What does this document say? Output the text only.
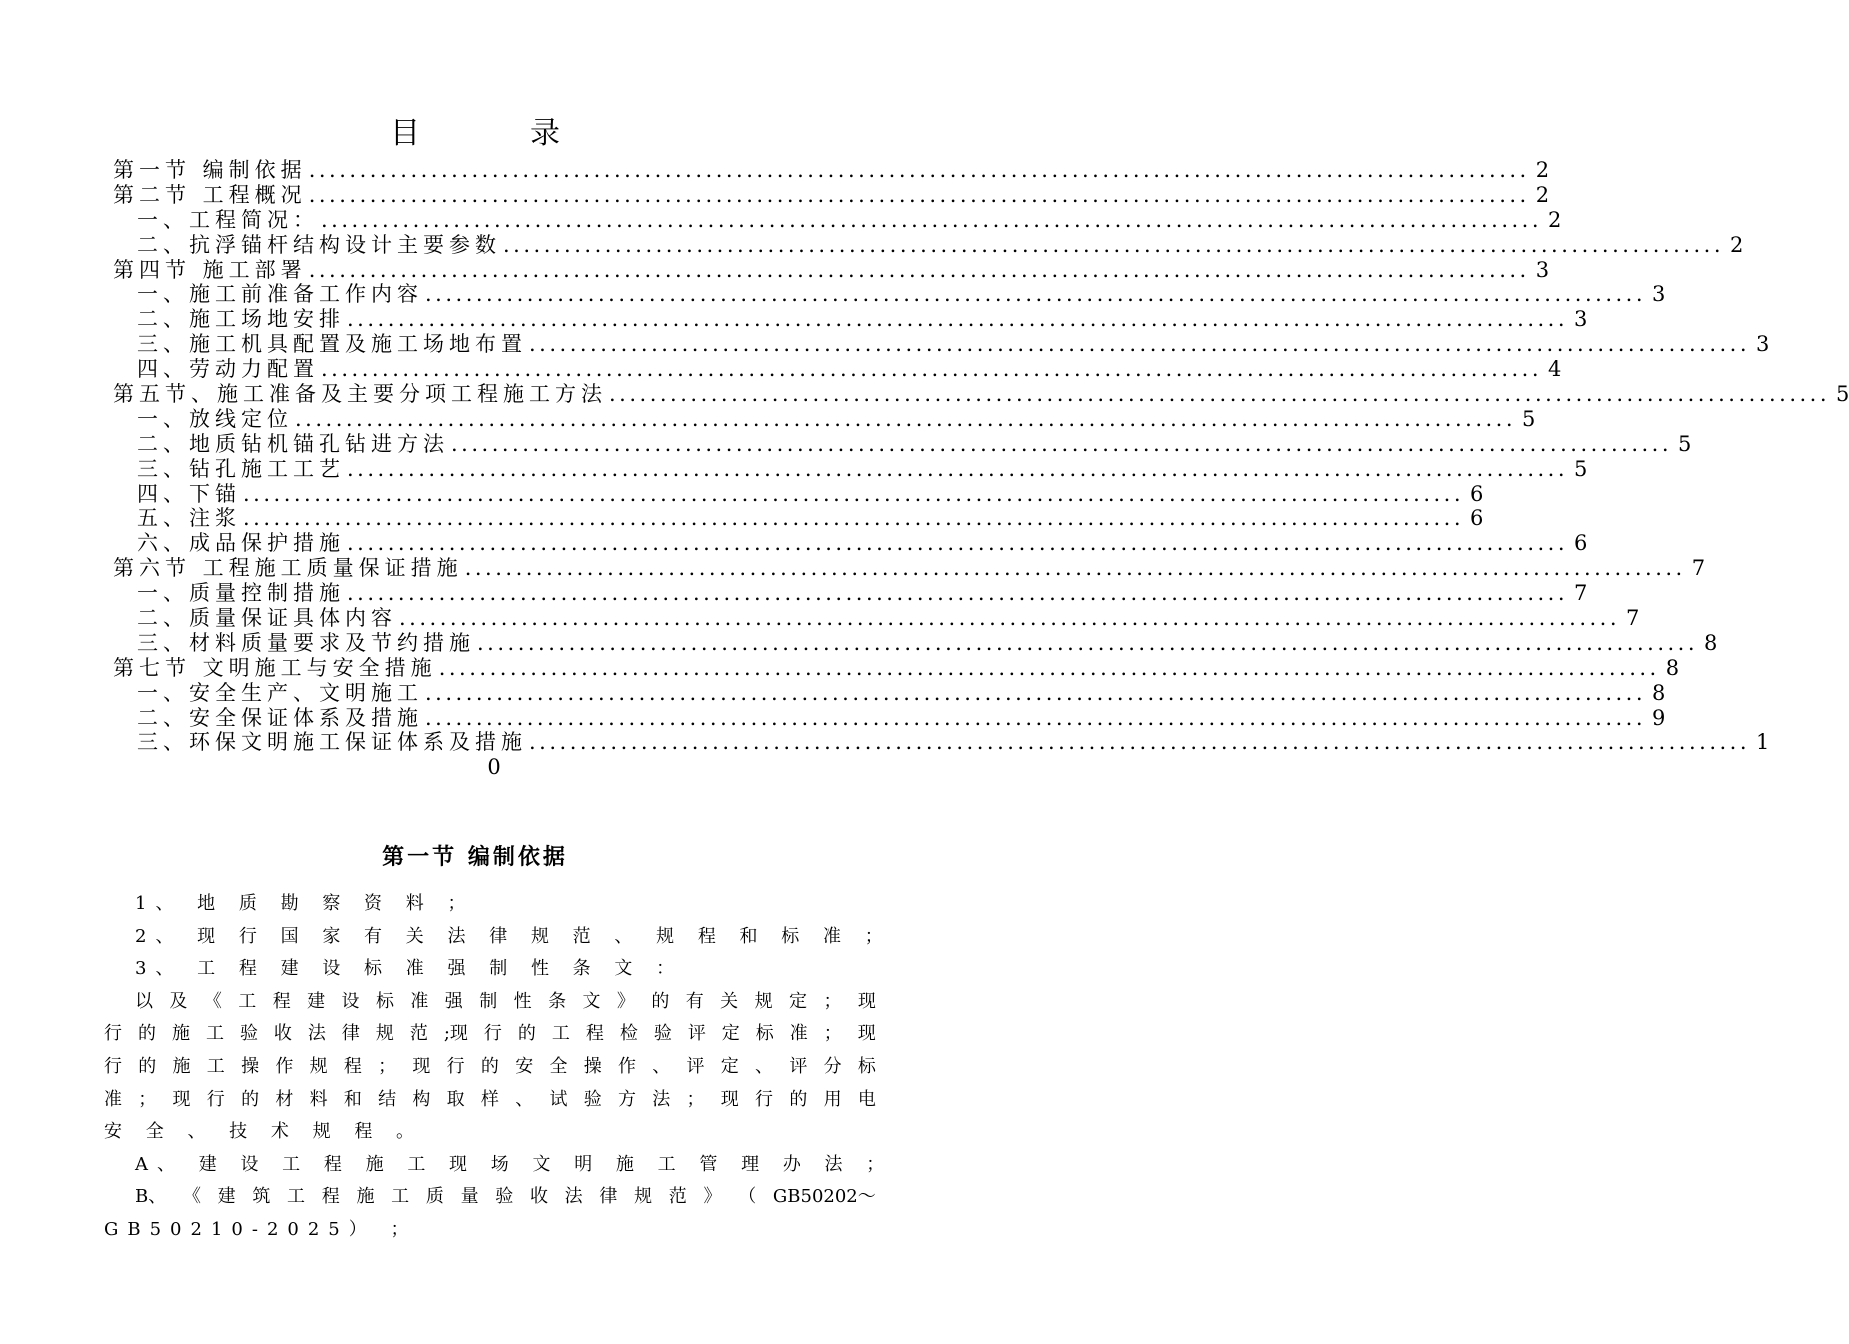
目录
第一节 编制依据 ........................................................................................................................ 2
第二节 工程概况 ........................................................................................................................ 2
一、工程简况： ........................................................................................................................ 2
二、抗浮锚杆结构设计主要参数 ........................................................................................................................ 2
第四节 施工部署 ........................................................................................................................ 3
一、施工前准备工作内容 ........................................................................................................................ 3
二、施工场地安排 ........................................................................................................................ 3
三、施工机具配置及施工场地布置 ........................................................................................................................ 3
四、劳动力配置 ........................................................................................................................ 4
第五节、施工准备及主要分项工程施工方法 ........................................................................................................................ 5
一、放线定位 ........................................................................................................................ 5
二、地质钻机锚孔钻进方法 ........................................................................................................................ 5
三、钻孔施工工艺 ........................................................................................................................ 5
四、下锚 ........................................................................................................................ 6
五、注浆 ........................................................................................................................ 6
六、成品保护措施 ........................................................................................................................ 6
第六节 工程施工质量保证措施 ........................................................................................................................ 7
一、质量控制措施 ........................................................................................................................ 7
二、质量保证具体内容 ........................................................................................................................ 7
三、材料质量要求及节约措施 ........................................................................................................................ 8
第七节 文明施工与安全措施 ........................................................................................................................ 8
一、安全生产、文明施工 ........................................................................................................................ 8
二、安全保证体系及措施 ........................................................................................................................ 9
三、环保文明施工保证体系及措施 ........................................................................................................................ 1
0
第一节 编制依据
1、 地 质 勘 察 资 料 ；
2、 现 行 国 家 有 关 法 律 规 范 、 规 程 和 标 准 ；
3、 工 程 建 设 标 准 强 制 性 条 文 ：
以 及 《 工 程 建 设 标 准 强 制 性 条 文 》 的 有 关 规 定 ； 现
行 的 施 工 验 收 法 律 规 范 ;现 行 的 工 程 检 验 评 定 标 准 ； 现
行 的 施 工 操 作 规 程 ； 现 行 的 安 全 操 作 、 评 定 、 评 分 标
准 ； 现 行 的 材 料 和 结 构 取 样 、 试 验 方 法 ； 现 行 的 用 电
安 全 、 技 术 规 程 。
A、 建 设 工 程 施 工 现 场 文 明 施 工 管 理 办 法 ；
B、 《 建 筑 工 程 施 工 质 量 验 收 法 律 规 范 》 （ GB50202～
GB50210-2025） ；
